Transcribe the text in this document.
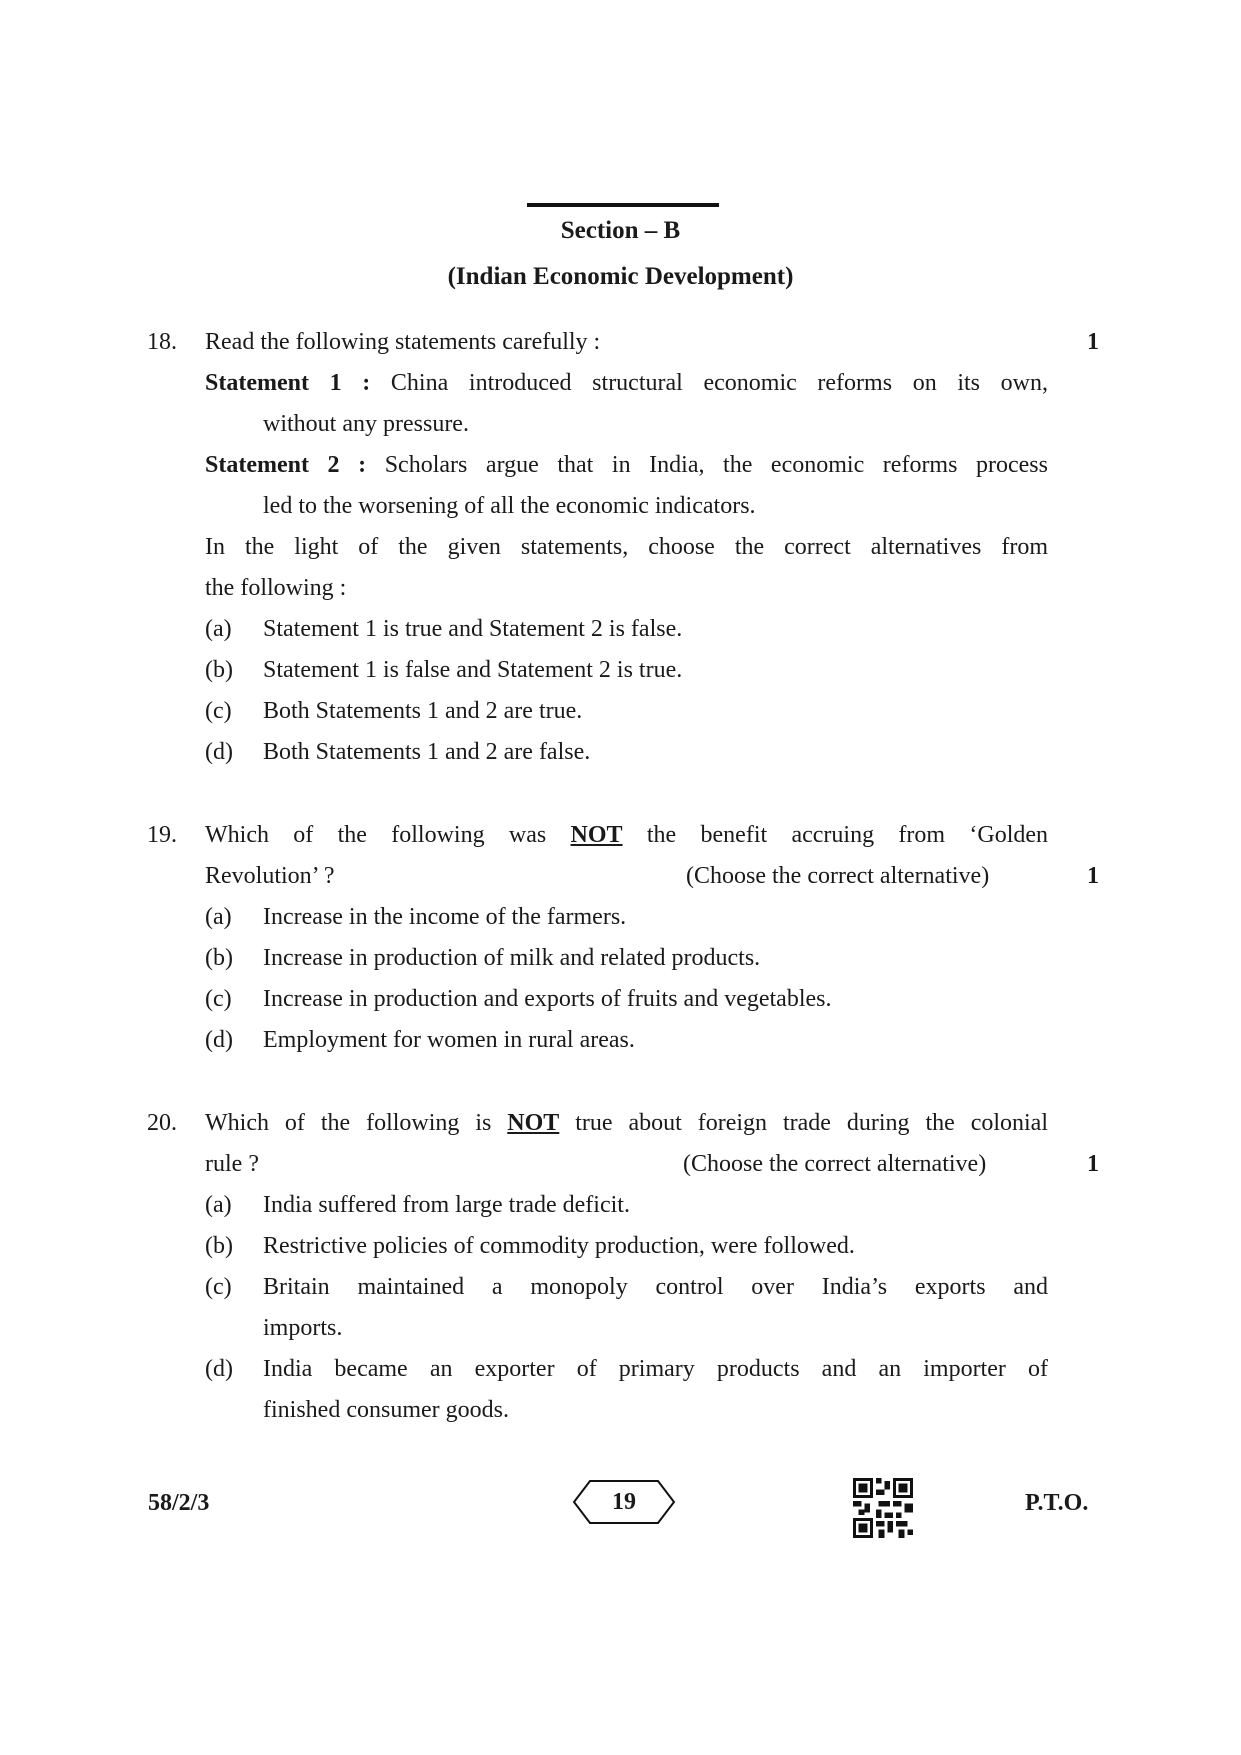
Section – B
(Indian Economic Development)
18. Read the following statements carefully :	1
Statement 1 : China introduced structural economic reforms on its own,
without any pressure.
Statement 2 : Scholars argue that in India, the economic reforms process
led to the worsening of all the economic indicators.
In the light of the given statements, choose the correct alternatives from
the following :
(a) Statement 1 is true and Statement 2 is false.
(b) Statement 1 is false and Statement 2 is true.
(c) Both Statements 1 and 2 are true.
(d) Both Statements 1 and 2 are false.
19. Which of the following was NOT the benefit accruing from ‘Golden
Revolution’ ?	(Choose the correct alternative)	1
(a) Increase in the income of the farmers.
(b) Increase in production of milk and related products.
(c) Increase in production and exports of fruits and vegetables.
(d) Employment for women in rural areas.
20. Which of the following is NOT true about foreign trade during the colonial
rule ?	(Choose the correct alternative)	1
(a) India suffered from large trade deficit.
(b) Restrictive policies of commodity production, were followed.
(c) Britain maintained a monopoly control over India’s exports and
imports.
(d) India became an exporter of primary products and an importer of
finished consumer goods.
58/2/3	19	P.T.O.
